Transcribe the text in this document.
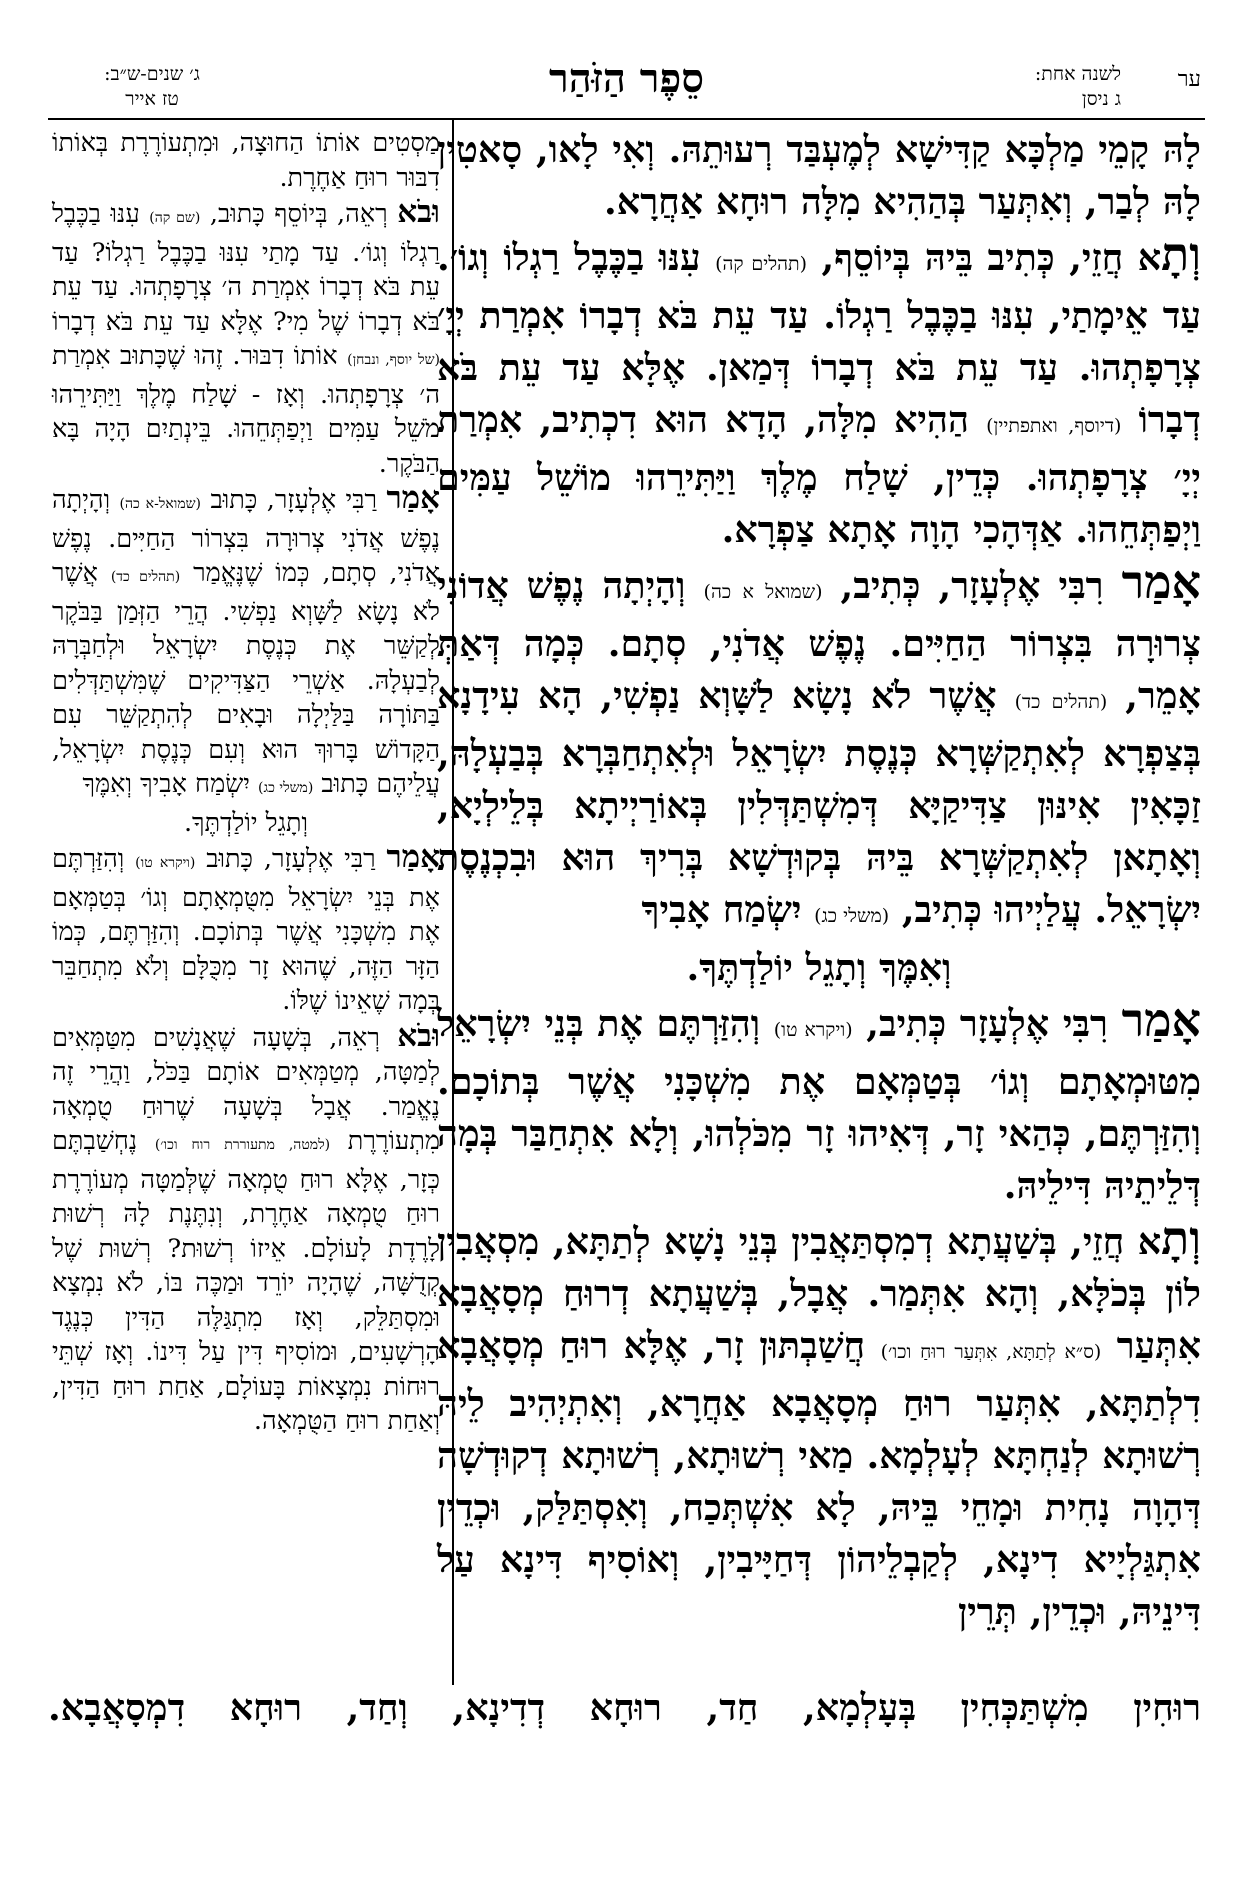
ער
לשנה אחת:
ג ניסן
סֵפֶר הַזֹּהַר
ג׳ שנים-ש״ב:
טז אייר

לָהּ קָמֵי מַלְכָּא קַדִּישָׁא לְמֶעְבַּד רְעוּתֵהּ. וְאִי לָאו, סָאטִין לָהּ לְבַר, וְאִתְּעַר בְּהַהִיא מִלָּה רוּחָא אַחֲרָא.

וְתָא חֲזֵי, כְּתִיב בֵּיהּ בְּיוֹסֵף, (תהלים קה) עִנּוּ בַכֶּבֶל רַגְלוֹ וְגוֹ׳. עַד אֵימָתַי, עִנּוּ בַכֶּבֶל רַגְלוֹ. עַד עֵת בֹּא דְבָרוֹ אִמְרַת יְיָ׳ צְרָפָתְהוּ. עַד עֵת בֹּא דְבָרוֹ דְּמַאן. אֶלָּא עַד עֵת בֹּא דְבָרוֹ (דיוסף, ואתפתיין) הַהִיא מִלָּה, הָדָא הוּא דִכְתִיב, אִמְרַת יְיָ׳ צְרָפָתְהוּ. כְּדֵין, שָׁלַח מֶלֶךְ וַיַּתִּירֵהוּ מוֹשֵׁל עַמִּים וַיְפַתְּחֵהוּ. אַדְּהָכִי הָוָה אָתָא צַפְרָא.

אָמַר רִבִּי אֶלְעָזָר, כְּתִיב, (שמואל א כה) וְהָיְתָה נֶפֶשׁ אֲדוֹנִי צְרוּרָה בִּצְרוֹר הַחַיִּים. נֶפֶשׁ אֲדֹנִי, סְתָם. כְּמָה דְּאַתְּ אָמֵר, (תהלים כד) אֲשֶׁר לֹא נָשָׂא לַשָּׁוְא נַפְשִׁי, הָא עִידָנָא בְּצַפְרָא לְאִתְקַשְּׁרָא כְּנֶסֶת יִשְׂרָאֵל וּלְאִתְחַבְּרָא בְּבַעְלָהּ, זַכָּאִין אִינּוּן צַדִּיקַיָּא דְּמִשְׁתַּדְּלִין בְּאוֹרַיְיתָא בְּלֵילְיָא, וְאָתָאן לְאִתְקַשְּׁרָא בֵּיהּ בְּקוּדְשָׁא בְּרִיךְ הוּא וּבִכְנֶסֶת יִשְׂרָאֵל. עֲלַיְיהוּ כְּתִיב, (משלי כג) יִשְׂמַח אָבִיךָ

וְאִמֶּךָ וְתָגֵל יוֹלַדְתֶּךָ.

אָמַר רִבִּי אֶלְעָזָר כְּתִיב, (ויקרא טו) וְהִזַּרְתֶּם אֶת בְּנֵי יִשְׂרָאֵל מִטּוּמְאָתָם וְגוֹ׳ בְּטַמְּאָם אֶת מִשְׁכָּנִי אֲשֶׁר בְּתוֹכָם. וְהִזַּרְתֶּם, כְּהַאי זָר, דְּאִיהוּ זָר מִכֹּלְהוּ, וְלָא אִתְחַבַּר בְּמָה דְּלֵיתֵיהּ דִּילֵיהּ.

וְתָא חֲזֵי, בְּשַׁעֲתָא דְמִסְתַּאֲבִין בְּנֵי נָשָׁא לְתַתָּא, מִסְאֲבִין לוֹן בְּכֹלָּא, וְהָא אִתְּמַר. אֲבָל, בְּשַׁעֲתָא דְרוּחַ מְסָאֲבָא אִתְּעַר (ס״א לְתַתָּא, אִתְּעַר רוּחַ וכו׳) חֲשַׁבְתּוּן זָר, אֶלָּא רוּחַ מְסָאֲבָא דִלְתַתָּא, אִתְּעַר רוּחַ מְסָאֲבָא אַחֲרָא, וְאִתְיְהִיב לֵיהּ רְשׁוּתָא לְנַחְתָּא לְעָלְמָא. מַאי רְשׁוּתָא, רְשׁוּתָא דְקוּדְשָׁה דְּהָוָה נָחִית וּמָחֵי בֵּיהּ, לָא אִשְׁתְּכַח, וְאִסְתַּלַּק, וּכְדֵין אִתְגַּלְיָיא דִינָא, לְקַבְלֵיהוֹן דְּחַיָּיבִין, וְאוֹסִיף דִּינָא עַל דִּינֵיהּ, וּכְדֵין, תְּרֵין

מַסְטִים אוֹתוֹ הַחוּצָה, וּמִתְעוֹרֶרֶת בְּאוֹתוֹ דִבּוּר רוּחַ אַחֶרֶת.

וּבֹא רְאֵה, בְּיוֹסֵף כָּתוּב, (שם קה) עִנּוּ בַכֶּבֶל רַגְלוֹ וְגוֹ׳. עַד מָתַי עִנּוּ בַכֶּבֶל רַגְלוֹ? עַד עֵת בֹּא דְבָרוֹ אִמְרַת ה׳ צְרָפָתְהוּ. עַד עֵת בֹּא דְבָרוֹ שֶׁל מִי? אֶלָּא עַד עֵת בֹּא דְבָרוֹ (של יוסף, ונבחן) אוֹתוֹ דִבּוּר. זֶהוּ שֶׁכָּתוּב אִמְרַת ה׳ צְרָפָתְהוּ. וְאָז - שָׁלַח מֶלֶךְ וַיַּתִּירֵהוּ מֹשֵׁל עַמִּים וַיְפַתְּחֵהוּ. בֵּינְתַיִם הָיָה בָּא הַבֹּקֶר.

אָמַר רַבִּי אֶלְעָזָר, כָּתוּב (שמואל-א כה) וְהָיְתָה נֶפֶשׁ אֲדֹנִי צְרוּרָה בִּצְרוֹר הַחַיִּים. נֶפֶשׁ אֲדֹנִי, סְתָם, כְּמוֹ שֶׁנֶּאֱמַר (תהלים כד) אֲשֶׁר לֹא נָשָׂא לַשָּׁוְא נַפְשִׁי. הֲרֵי הַזְּמַן בַּבֹּקֶר לְקַשֵּׁר אֶת כְּנֶסֶת יִשְׂרָאֵל וּלְחַבְּרָהּ לְבַעְלָהּ. אַשְׁרֵי הַצַּדִּיקִים שֶׁמִּשְׁתַּדְּלִים בַּתּוֹרָה בַּלַּיְלָה וּבָאִים לְהִתְקַשֵּׁר עִם הַקָּדוֹשׁ בָּרוּךְ הוּא וְעִם כְּנֶסֶת יִשְׂרָאֵל, עֲלֵיהֶם כָּתוּב (משלי כג) יִשְׂמַח אָבִיךָ וְאִמֶּךָ

וְתָגֵל יוֹלַדְתֶּךָ.

אָמַר רַבִּי אֶלְעָזָר, כָּתוּב (ויקרא טו) וְהִזַּרְתֶּם אֶת בְּנֵי יִשְׂרָאֵל מִטֻּמְאָתָם וְגוֹ׳ בְּטַמְּאָם אֶת מִשְׁכָּנִי אֲשֶׁר בְּתוֹכָם. וְהִזַּרְתֶּם, כְּמוֹ הַזָּר הַזֶּה, שֶׁהוּא זָר מִכֻּלָּם וְלֹא מִתְחַבֵּר בְּמָה שֶׁאֵינוֹ שֶׁלּוֹ.

וּבֹא רְאֵה, בְּשָׁעָה שֶׁאֲנָשִׁים מִטַּמְּאִים לְמַטָּה, מְטַמְּאִים אוֹתָם בַּכֹּל, וַהֲרֵי זֶה נֶאֱמַר. אֲבָל בְּשָׁעָה שֶׁרוּחַ טֻמְאָה מִתְעוֹרֶרֶת (למטה, מתעוררת רוח וכו׳) נֶחְשַׁבְתֶּם כְּזָר, אֶלָּא רוּחַ טֻמְאָה שֶׁלְּמַטָּה מְעוֹרֶרֶת רוּחַ טֻמְאָה אַחֶרֶת, וְנִתֶּנֶת לָהּ רְשׁוּת לָרֶדֶת לָעוֹלָם. אֵיזוֹ רְשׁוּת? רְשׁוּת שֶׁל קְדֻשָּׁה, שֶׁהָיָה יוֹרֵד וּמַכֶּה בּוֹ, לֹא נִמְצָא וּמִסְתַּלֵּק, וְאָז מִתְגַּלֶּה הַדִּין כְּנֶגֶד הָרְשָׁעִים, וּמוֹסִיף דִּין עַל דִּינוֹ. וְאָז שְׁתֵּי רוּחוֹת נִמְצָאוֹת בָּעוֹלָם, אַחַת רוּחַ הַדִּין, וְאַחַת רוּחַ הַטֻּמְאָה.

רוּחִין מִשְׁתַּכְּחִין בְּעָלְמָא, חַד, רוּחָא דְדִינָא, וְחַד, רוּחָא דִמְסָאֲבָא.
